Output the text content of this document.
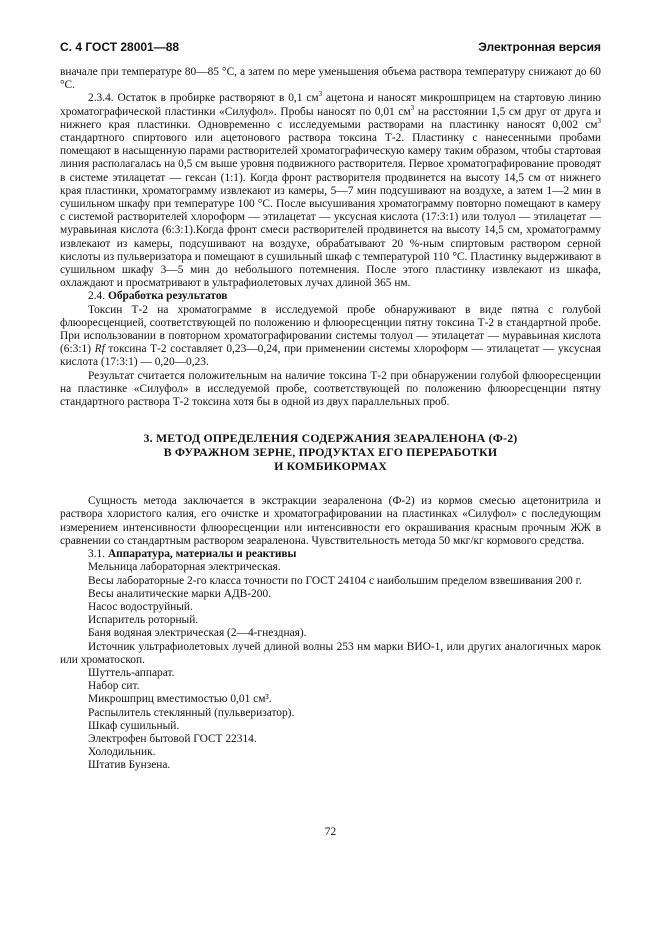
С. 4 ГОСТ 28001—88	Электронная версия

вначале при температуре 80—85 °С, а затем по мере уменьшения объема раствора температуру снижают до 60 °С.

2.3.4. Остаток в пробирке растворяют в 0,1 $см^3$ ацетона и наносят микрошприцем на стартовую линию хроматографической пластинки «Силуфол». Пробы наносят по 0,01 $см^3$ на расстоянии 1,5 см друг от друга и нижнего края пластинки. Одновременно с исследуемыми растворами на пластинку наносят 0,002 $см^3$ стандартного спиртового или ацетонового раствора токсина Т-2. Пластинку с нанесенными пробами помещают в насыщенную парами растворителей хроматографическую камеру таким образом, чтобы стартовая линия располагалась на 0,5 см выше уровня подвижного растворителя. Первое хроматографирование проводят в системе этилацетат — гексан (1:1). Когда фронт растворителя продвинется на высоту 14,5 см от нижнего края пластинки, хроматограмму извлекают из камеры, 5—7 мин подсушивают на воздухе, а затем 1—2 мин в сушильном шкафу при температуре 100 °С. После высушивания хроматограмму повторно помещают в камеру с системой растворителей хлороформ — этилацетат — уксусная кислота (17:3:1) или толуол — этилацетат — муравьиная кислота (6:3:1).Когда фронт смеси растворителей продвинется на высоту 14,5 см, хроматограмму извлекают из камеры, подсушивают на воздухе, обрабатывают 20 %-ным спиртовым раствором серной кислоты из пульверизатора и помещают в сушильный шкаф с температурой 110 °С. Пластинку выдерживают в сушильном шкафу 3—5 мин до небольшого потемнения. После этого пластинку извлекают из шкафа, охлаждают и просматривают в ультрафиолетовых лучах длиной 365 нм.

2.4. Обработка результатов

Токсин Т-2 на хроматограмме в исследуемой пробе обнаруживают в виде пятна с голубой флюоресценцией, соответствующей по положению и флюоресценции пятну токсина Т-2 в стандартной пробе. При использовании в повторном хроматографировании системы толуол — этилацетат — муравьиная кислота (6:3:1) Rf токсина Т-2 составляет 0,23—0,24, при применении системы хлороформ — этилацетат — уксусная кислота (17:3:1) — 0,20—0,23.

Результат считается положительным на наличие токсина Т-2 при обнаружении голубой флюоресценции на пластинке «Силуфол» в исследуемой пробе, соответствующей по положению флюоресценции пятну стандартного раствора Т-2 токсина хотя бы в одной из двух параллельных проб.

3. МЕТОД ОПРЕДЕЛЕНИЯ СОДЕРЖАНИЯ ЗЕАРАЛЕНОНА (Ф-2)
В ФУРАЖНОМ ЗЕРНЕ, ПРОДУКТАХ ЕГО ПЕРЕРАБОТКИ
И КОМБИКОРМАХ

Сущность метода заключается в экстракции зеараленона (Ф-2) из кормов смесью ацетонитрила и раствора хлористого калия, его очистке и хроматографировании на пластинках «Силуфол» с последующим измерением интенсивности флюоресценции или интенсивности его окрашивания красным прочным ЖЖ в сравнении со стандартным раствором зеараленона. Чувствительность метода 50 мкг/кг кормового средства.

3.1. Аппаратура, материалы и реактивы

Мельница лабораторная электрическая.

Весы лабораторные 2-го класса точности по ГОСТ 24104 с наибольшим пределом взвешивания 200 г.

Весы аналитические марки АДВ-200.

Насос водоструйный.

Испаритель роторный.

Баня водяная электрическая (2—4-гнездная).

Источник ультрафиолетовых лучей длиной волны 253 нм марки ВИО-1, или других аналогичных марок или хроматоскоп.

Шуттель-аппарат.

Набор сит.

Микрошприц вместимостью 0,01 см³.

Распылитель стеклянный (пульверизатор).

Шкаф сушильный.

Электрофен бытовой ГОСТ 22314.

Холодильник.

Штатив Бунзена.

72
